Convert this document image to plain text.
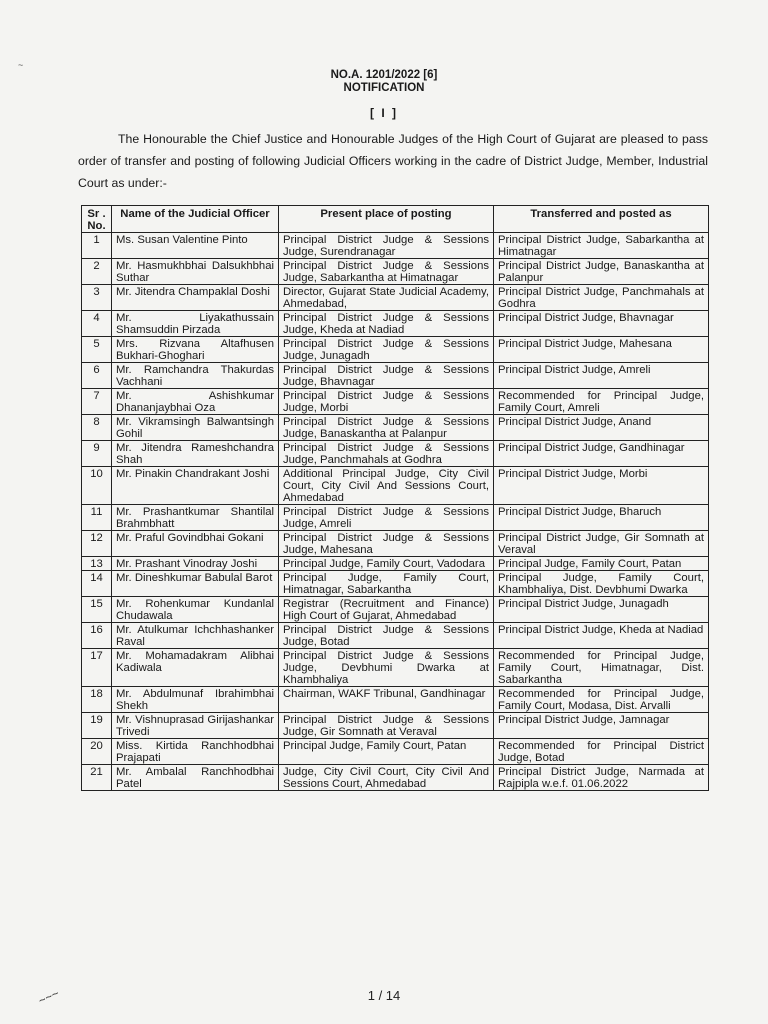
~
NO.A. 1201/2022 [6]
NOTIFICATION
[ I ]
The Honourable the Chief Justice and Honourable Judges of the High Court of Gujarat are pleased to pass order of transfer and posting of following Judicial Officers working in the cadre of District Judge, Member, Industrial Court as under:-
Sr . No.	Name of the Judicial Officer	Present place of posting	Transferred and posted as
1	Ms. Susan Valentine Pinto	Principal District Judge & Sessions Judge, Surendranagar	Principal District Judge, Sabarkantha at Himatnagar
2	Mr. Hasmukhbhai Dalsukhbhai Suthar	Principal District Judge & Sessions Judge, Sabarkantha at Himatnagar	Principal District Judge, Banaskantha at Palanpur
3	Mr. Jitendra Champaklal Doshi	Director, Gujarat State Judicial Academy, Ahmedabad,	Principal District Judge, Panchmahals at Godhra
4	Mr. Liyakathussain Shamsuddin Pirzada	Principal District Judge & Sessions Judge, Kheda at Nadiad	Principal District Judge, Bhavnagar
5	Mrs. Rizvana Altafhusen Bukhari-Ghoghari	Principal District Judge & Sessions Judge, Junagadh	Principal District Judge, Mahesana
6	Mr. Ramchandra Thakurdas Vachhani	Principal District Judge & Sessions Judge, Bhavnagar	Principal District Judge, Amreli
7	Mr. Ashishkumar Dhananjaybhai Oza	Principal District Judge & Sessions Judge, Morbi	Recommended for Principal Judge, Family Court, Amreli
8	Mr. Vikramsingh Balwantsingh Gohil	Principal District Judge & Sessions Judge, Banaskantha at Palanpur	Principal District Judge, Anand
9	Mr. Jitendra Rameshchandra Shah	Principal District Judge & Sessions Judge, Panchmahals at Godhra	Principal District Judge, Gandhinagar
10	Mr. Pinakin Chandrakant Joshi	Additional Principal Judge, City Civil Court, City Civil And Sessions Court, Ahmedabad	Principal District Judge, Morbi
11	Mr. Prashantkumar Shantilal Brahmbhatt	Principal District Judge & Sessions Judge, Amreli	Principal District Judge, Bharuch
12	Mr. Praful Govindbhai Gokani	Principal District Judge & Sessions Judge, Mahesana	Principal District Judge, Gir Somnath at Veraval
13	Mr. Prashant Vinodray Joshi	Principal Judge, Family Court, Vadodara	Principal Judge, Family Court, Patan
14	Mr. Dineshkumar Babulal Barot	Principal Judge, Family Court, Himatnagar, Sabarkantha	Principal Judge, Family Court, Khambhaliya, Dist. Devbhumi Dwarka
15	Mr. Rohenkumar Kundanlal Chudawala	Registrar (Recruitment and Finance) High Court of Gujarat, Ahmedabad	Principal District Judge, Junagadh
16	Mr. Atulkumar Ichchhashanker Raval	Principal District Judge & Sessions Judge, Botad	Principal District Judge, Kheda at Nadiad
17	Mr. Mohamadakram Alibhai Kadiwala	Principal District Judge & Sessions Judge, Devbhumi Dwarka at Khambhaliya	Recommended for Principal Judge, Family Court, Himatnagar, Dist. Sabarkantha
18	Mr. Abdulmunaf Ibrahimbhai Shekh	Chairman, WAKF Tribunal, Gandhinagar	Recommended for Principal Judge, Family Court, Modasa, Dist. Arvalli
19	Mr. Vishnuprasad Girijashankar Trivedi	Principal District Judge & Sessions Judge, Gir Somnath at Veraval	Principal District Judge, Jamnagar
20	Miss. Kirtida Ranchhodbhai Prajapati	Principal Judge, Family Court, Patan	Recommended for Principal District Judge, Botad
21	Mr. Ambalal Ranchhodbhai Patel	Judge, City Civil Court, City Civil And Sessions Court, Ahmedabad	Principal District Judge, Narmada at Rajpipla w.e.f. 01.06.2022
~~~	1 / 14
